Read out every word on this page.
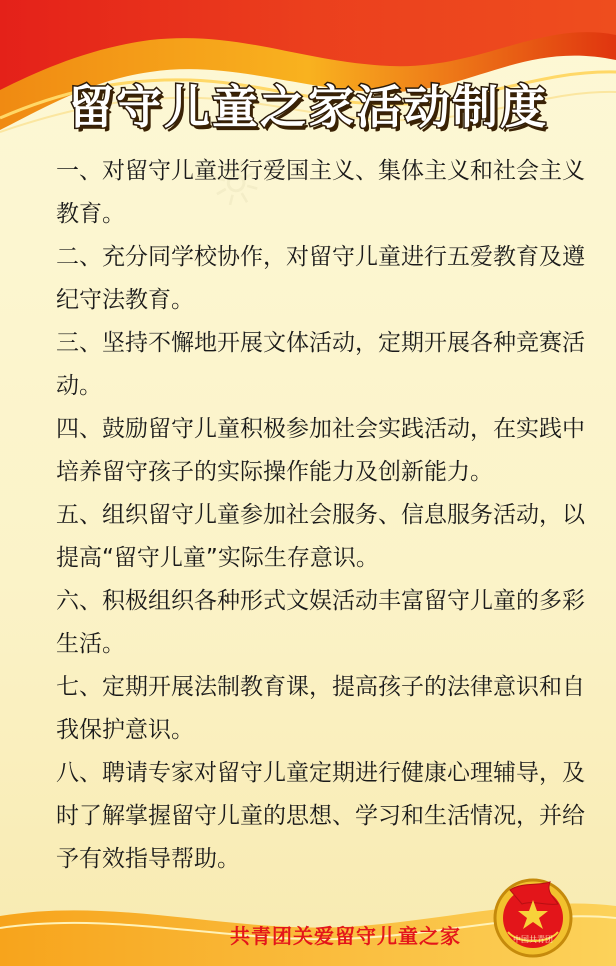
☼
留守儿童之家活动制度

一、对留守儿童进行爱国主义、集体主义和社会主义教育。

二、充分同学校协作，对留守儿童进行五爱教育及遵纪守法教育。

三、坚持不懈地开展文体活动，定期开展各种竞赛活动。

四、鼓励留守儿童积极参加社会实践活动，在实践中培养留守孩子的实际操作能力及创新能力。

五、组织留守儿童参加社会服务、信息服务活动，以提高“留守儿童”实际生存意识。

六、积极组织各种形式文娱活动丰富留守儿童的多彩生活。

七、定期开展法制教育课，提高孩子的法律意识和自我保护意识。

八、聘请专家对留守儿童定期进行健康心理辅导，及时了解掌握留守儿童的思想、学习和生活情况，并给予有效指导帮助。

共青团关爱留守儿童之家	中国共青团
